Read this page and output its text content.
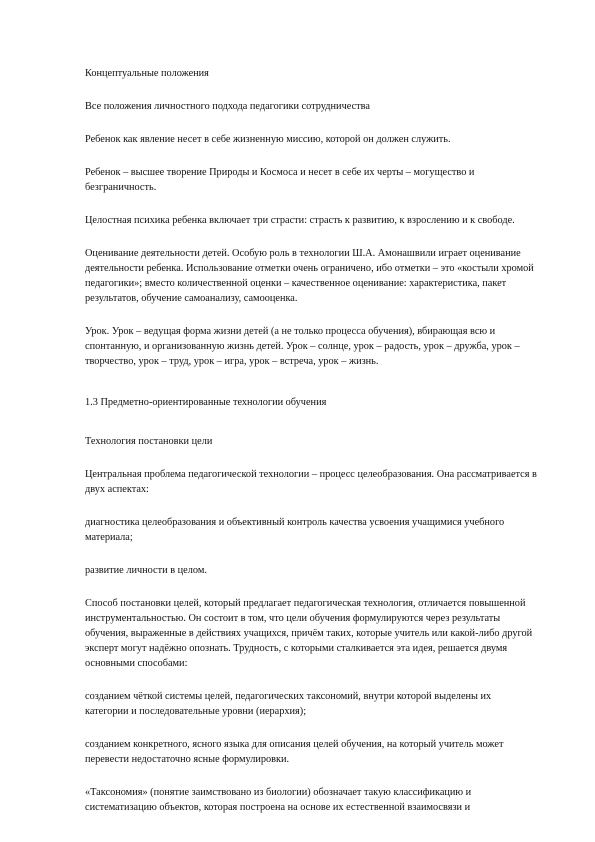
Концептуальные положения

Все положения личностного подхода педагогики сотрудничества

Ребенок как явление несет в себе жизненную миссию, которой он должен служить.

Ребенок – высшее творение Природы и Космоса и несет в себе их черты – могущество и безграничность.

Целостная психика ребенка включает три страсти: страсть к развитию, к взрослению и к свободе.

Оценивание деятельности детей. Особую роль в технологии Ш.А. Амонашвили играет оценивание деятельности ребенка. Использование отметки очень ограничено, ибо отметки – это «костыли хромой педагогики»; вместо количественной оценки – качественное оценивание: характеристика, пакет результатов, обучение самоанализу, самооценка.

Урок. Урок – ведущая форма жизни детей (а не только процесса обучения), вбирающая всю и спонтанную, и организованную жизнь детей. Урок – солнце, урок – радость, урок – дружба, урок – творчество, урок – труд, урок – игра, урок – встреча, урок – жизнь.

1.3 Предметно-ориентированные технологии обучения

Технология постановки цели

Центральная проблема педагогической технологии – процесс целеобразования. Она рассматривается в двух аспектах:

диагностика целеобразования и объективный контроль качества усвоения учащимися учебного материала;

развитие личности в целом.

Способ постановки целей, который предлагает педагогическая технология, отличается повышенной инструментальностью. Он состоит в том, что цели обучения формулируются через результаты обучения, выраженные в действиях учащихся, причём таких, которые учитель или какой-либо другой эксперт могут надёжно опознать. Трудность, с которыми сталкивается эта идея, решается двумя основными способами:

созданием чёткой системы целей, педагогических таксономий, внутри которой выделены их категории и последовательные уровни (иерархия);

созданием конкретного, ясного языка для описания целей обучения, на который учитель может перевести недостаточно ясные формулировки.

«Таксономия» (понятие заимствовано из биологии) обозначает такую классификацию и систематизацию объектов, которая построена на основе их естественной взаимосвязи и
